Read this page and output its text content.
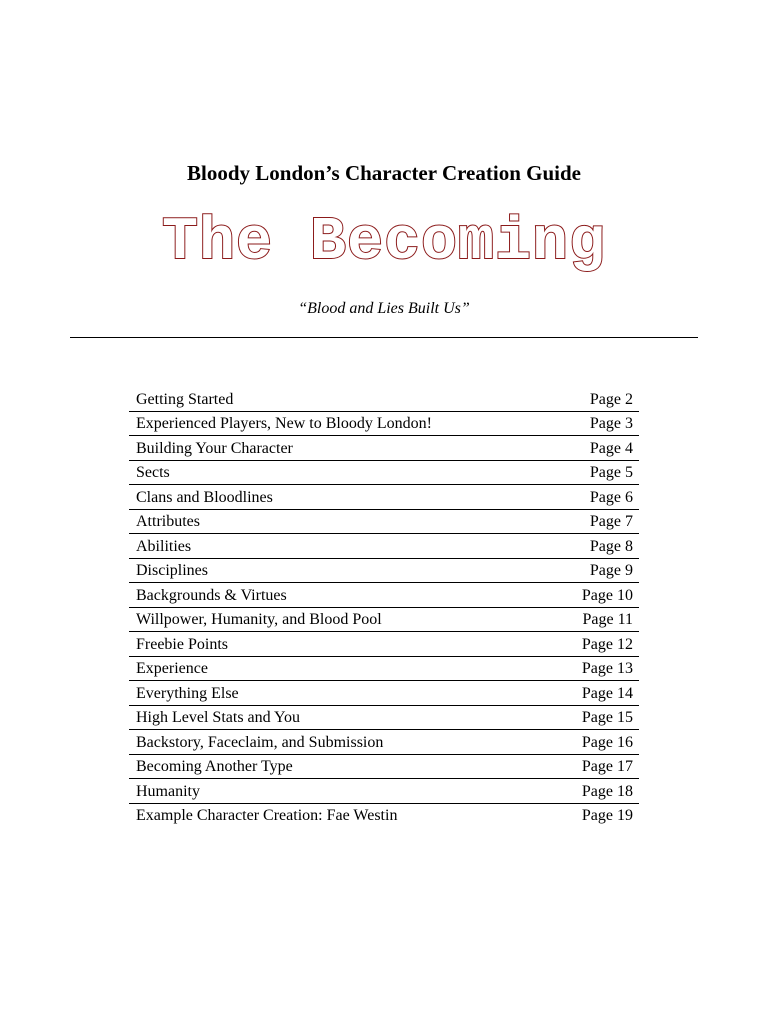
Bloody London’s Character Creation Guide
The Becoming
“Blood and Lies Built Us”
Getting Started	Page 2
Experienced Players, New to Bloody London!	Page 3
Building Your Character	Page 4
Sects	Page 5
Clans and Bloodlines	Page 6
Attributes	Page 7
Abilities	Page 8
Disciplines	Page 9
Backgrounds & Virtues	Page 10
Willpower, Humanity, and Blood Pool	Page 11
Freebie Points	Page 12
Experience	Page 13
Everything Else	Page 14
High Level Stats and You	Page 15
Backstory, Faceclaim, and Submission	Page 16
Becoming Another Type	Page 17
Humanity	Page 18
Example Character Creation: Fae Westin	Page 19
